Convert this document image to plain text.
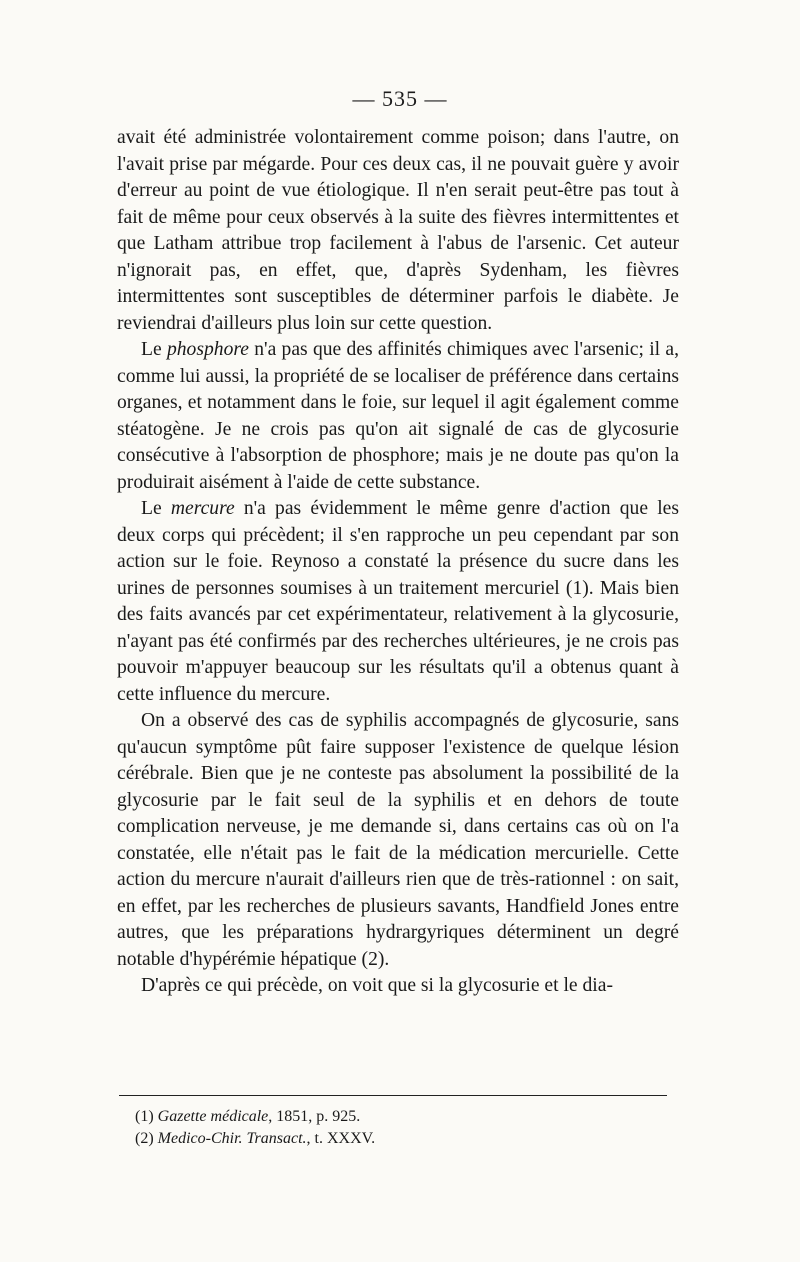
— 535 —

avait été administrée volontairement comme poison; dans l'autre, on l'avait prise par mégarde. Pour ces deux cas, il ne pouvait guère y avoir d'erreur au point de vue étiologique. Il n'en serait peut-être pas tout à fait de même pour ceux observés à la suite des fièvres intermittentes et que Latham attribue trop facilement à l'abus de l'arsenic. Cet auteur n'ignorait pas, en effet, que, d'après Sydenham, les fièvres intermittentes sont susceptibles de déterminer parfois le diabète. Je reviendrai d'ailleurs plus loin sur cette question.

Le phosphore n'a pas que des affinités chimiques avec l'arsenic; il a, comme lui aussi, la propriété de se localiser de préférence dans certains organes, et notamment dans le foie, sur lequel il agit également comme stéatogène. Je ne crois pas qu'on ait signalé de cas de glycosurie consécutive à l'absorption de phosphore; mais je ne doute pas qu'on la produirait aisément à l'aide de cette substance.

Le mercure n'a pas évidemment le même genre d'action que les deux corps qui précèdent; il s'en rapproche un peu cependant par son action sur le foie. Reynoso a constaté la présence du sucre dans les urines de personnes soumises à un traitement mercuriel (1). Mais bien des faits avancés par cet expérimentateur, relativement à la glycosurie, n'ayant pas été confirmés par des recherches ultérieures, je ne crois pas pouvoir m'appuyer beaucoup sur les résultats qu'il a obtenus quant à cette influence du mercure.

On a observé des cas de syphilis accompagnés de glycosurie, sans qu'aucun symptôme pût faire supposer l'existence de quelque lésion cérébrale. Bien que je ne conteste pas absolument la possibilité de la glycosurie par le fait seul de la syphilis et en dehors de toute complication nerveuse, je me demande si, dans certains cas où on l'a constatée, elle n'était pas le fait de la médication mercurielle. Cette action du mercure n'aurait d'ailleurs rien que de très-rationnel : on sait, en effet, par les recherches de plusieurs savants, Handfield Jones entre autres, que les préparations hydrargyriques déterminent un degré notable d'hypérémie hépatique (2).

D'après ce qui précède, on voit que si la glycosurie et le dia-

(1) Gazette médicale, 1851, p. 925.
(2) Medico-Chir. Transact., t. XXXV.
